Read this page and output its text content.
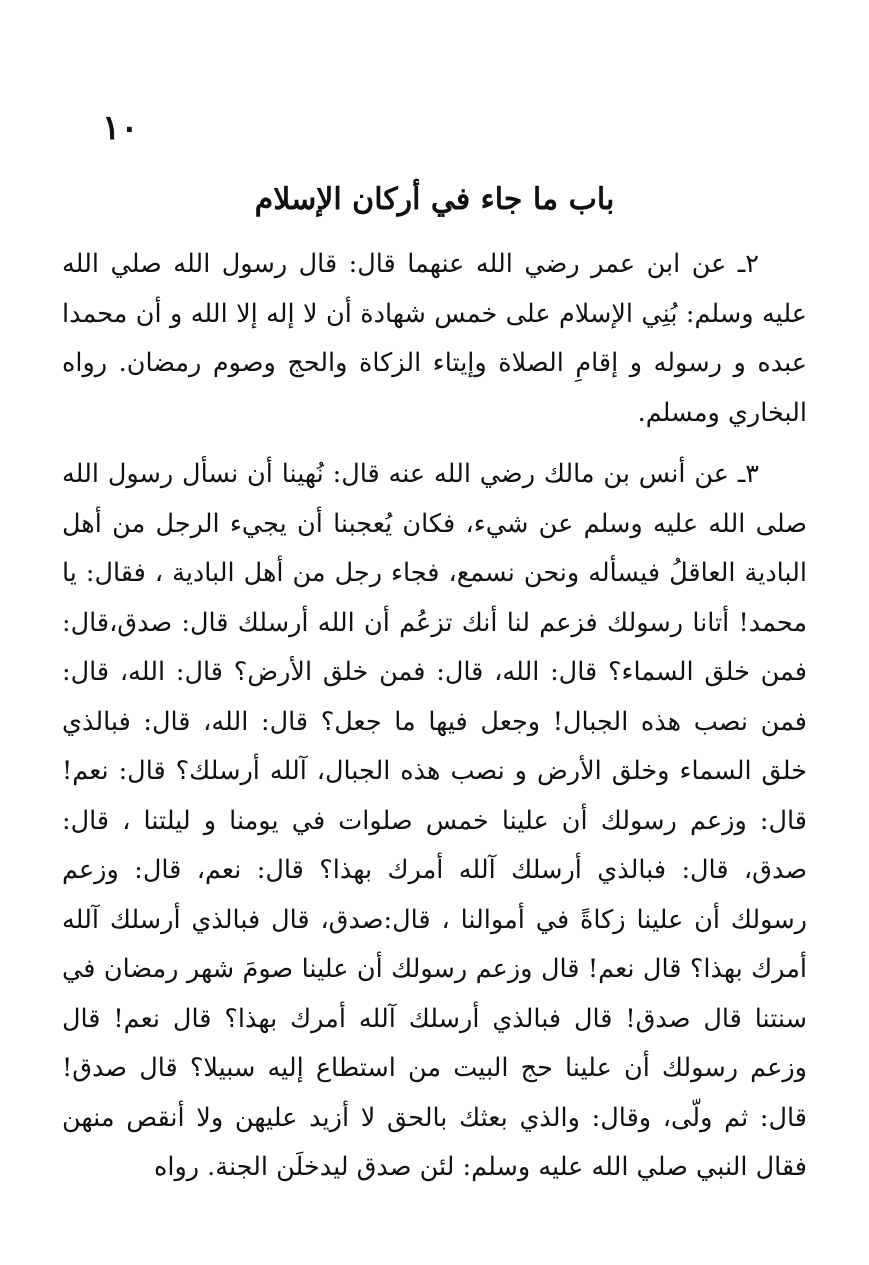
١٠
باب ما جاء في أركان الإسلام

٢ـ عن ابن عمر رضي الله عنهما قال: قال رسول الله صلي الله عليه وسلم: بُنِي الإسلام على خمس شهادة أن لا إله إلا الله و أن محمدا عبده و رسوله و إقامِ الصلاة وإيتاء الزكاة والحج وصوم رمضان. رواه البخاري ومسلم.

٣ـ عن أنس بن مالك رضي الله عنه قال: نُهينا أن نسأل رسول الله صلى الله عليه وسلم عن شيء، فكان يُعجبنا أن يجيء الرجل من أهل البادية العاقلُ فيسأله ونحن نسمع، فجاء رجل من أهل البادية ، فقال: يا محمد! أتانا رسولك فزعم لنا أنك تزعُم أن الله أرسلك قال: صدق،قال: فمن خلق السماء؟ قال: الله، قال: فمن خلق الأرض؟ قال: الله، قال: فمن نصب هذه الجبال! وجعل فيها ما جعل؟ قال: الله، قال: فبالذي خلق السماء وخلق الأرض و نصب هذه الجبال، آلله أرسلك؟ قال: نعم! قال: وزعم رسولك أن علينا خمس صلوات في يومنا و ليلتنا ، قال: صدق، قال: فبالذي أرسلك آلله أمرك بهذا؟ قال: نعم، قال: وزعم رسولك أن علينا زكاةً في أموالنا ، قال:صدق، قال فبالذي أرسلك آلله أمرك بهذا؟ قال نعم! قال وزعم رسولك أن علينا صومَ شهر رمضان في سنتنا قال صدق! قال فبالذي أرسلك آلله أمرك بهذا؟ قال نعم! قال وزعم رسولك أن علينا حج البيت من استطاع إليه سبيلا؟ قال صدق! قال: ثم ولّى، وقال: والذي بعثك بالحق لا أزيد عليهن ولا أنقص منهن فقال النبي صلي الله عليه وسلم: لئن صدق ليدخلَن الجنة. رواه
